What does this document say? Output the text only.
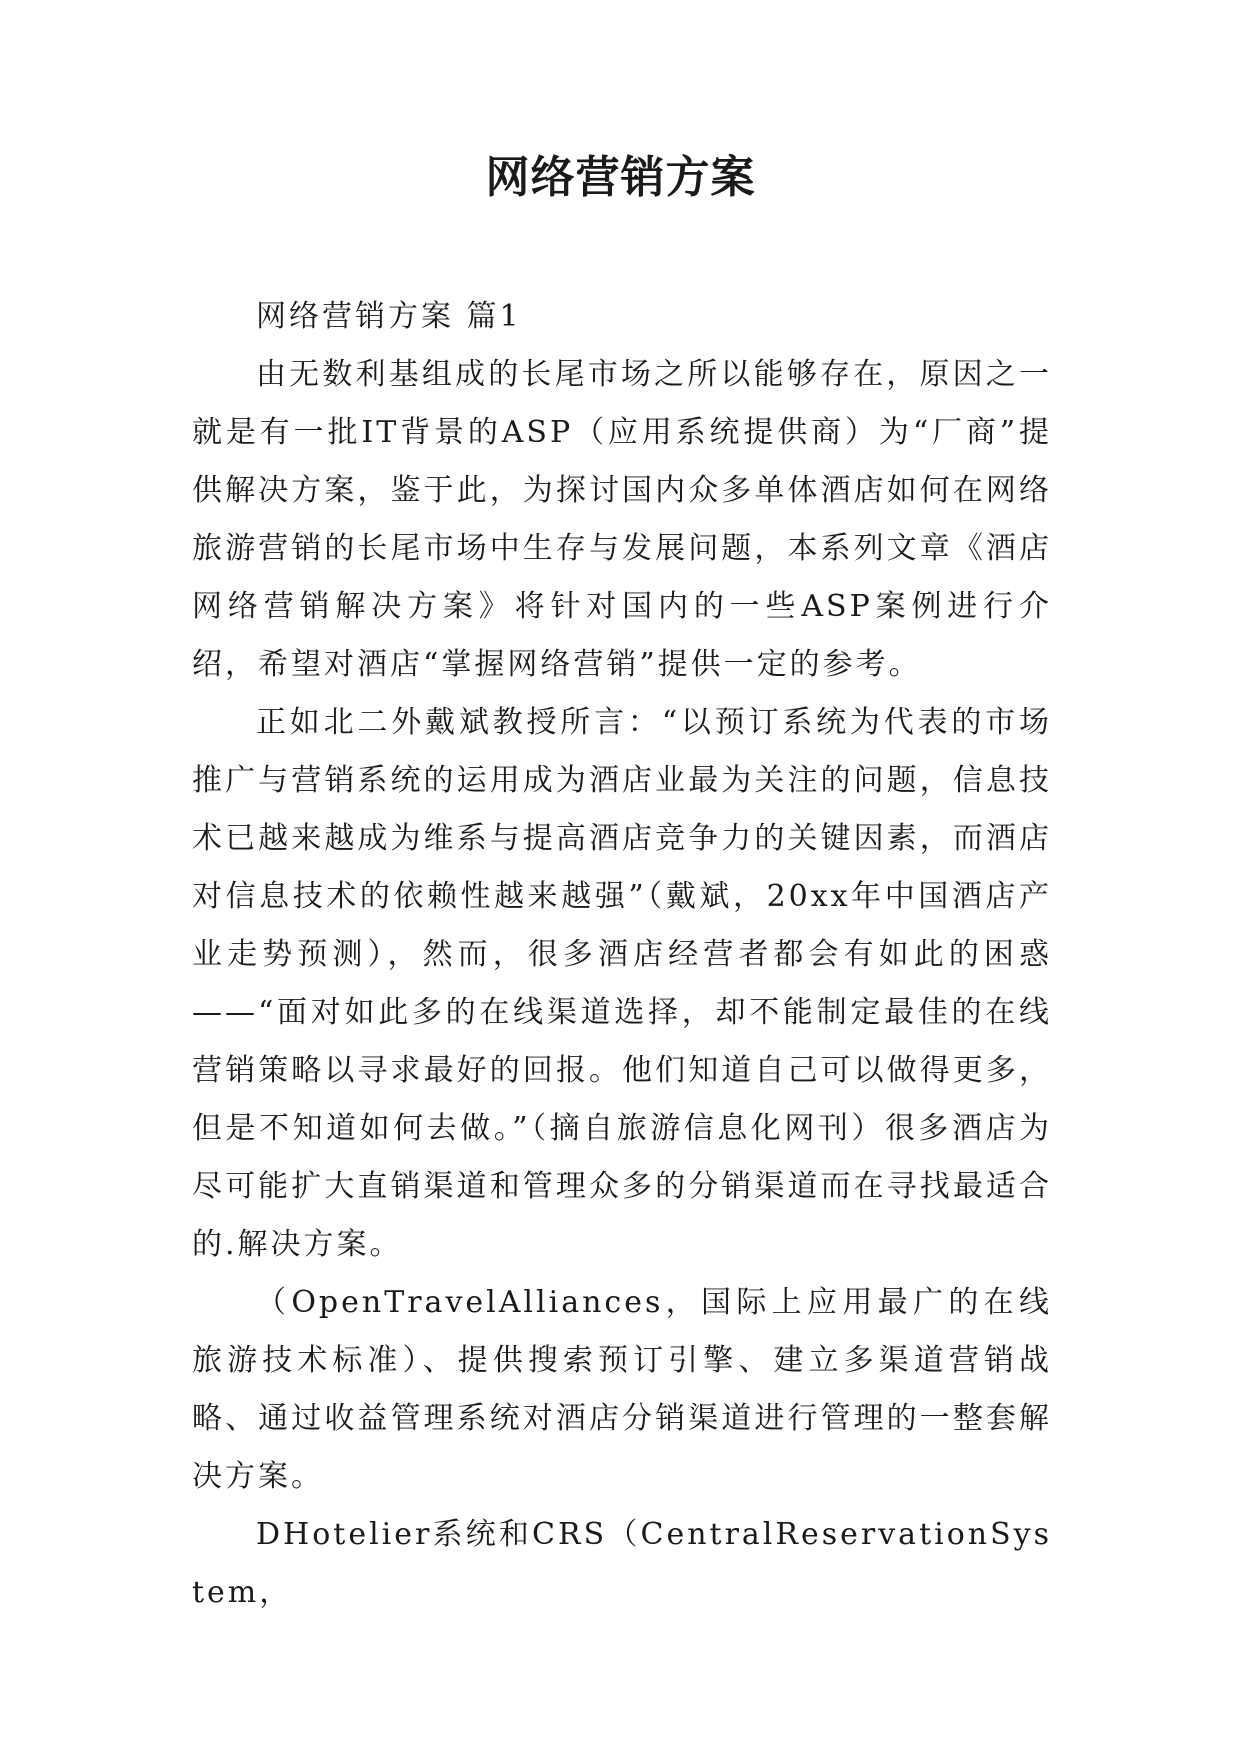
网络营销方案

网络营销方案 篇1

由无数利基组成的长尾市场之所以能够存在，原因之一就是有一批IT背景的ASP（应用系统提供商）为“厂商”提供解决方案，鉴于此，为探讨国内众多单体酒店如何在网络旅游营销的长尾市场中生存与发展问题，本系列文章《酒店网络营销解决方案》将针对国内的一些ASP案例进行介绍，希望对酒店“掌握网络营销”提供一定的参考。

正如北二外戴斌教授所言：“以预订系统为代表的市场推广与营销系统的运用成为酒店业最为关注的问题，信息技术已越来越成为维系与提高酒店竞争力的关键因素，而酒店对信息技术的依赖性越来越强”（戴斌，20xx年中国酒店产业走势预测），然而，很多酒店经营者都会有如此的困惑——“面对如此多的在线渠道选择，却不能制定最佳的在线营销策略以寻求最好的回报。他们知道自己可以做得更多，但是不知道如何去做。”（摘自旅游信息化网刊）很多酒店为尽可能扩大直销渠道和管理众多的分销渠道而在寻找最适合的.解决方案。

（OpenTravelAlliances，国际上应用最广的在线旅游技术标准）、提供搜索预订引擎、建立多渠道营销战略、通过收益管理系统对酒店分销渠道进行管理的一整套解决方案。

DHotelier系统和CRS（CentralReservationSystem，
